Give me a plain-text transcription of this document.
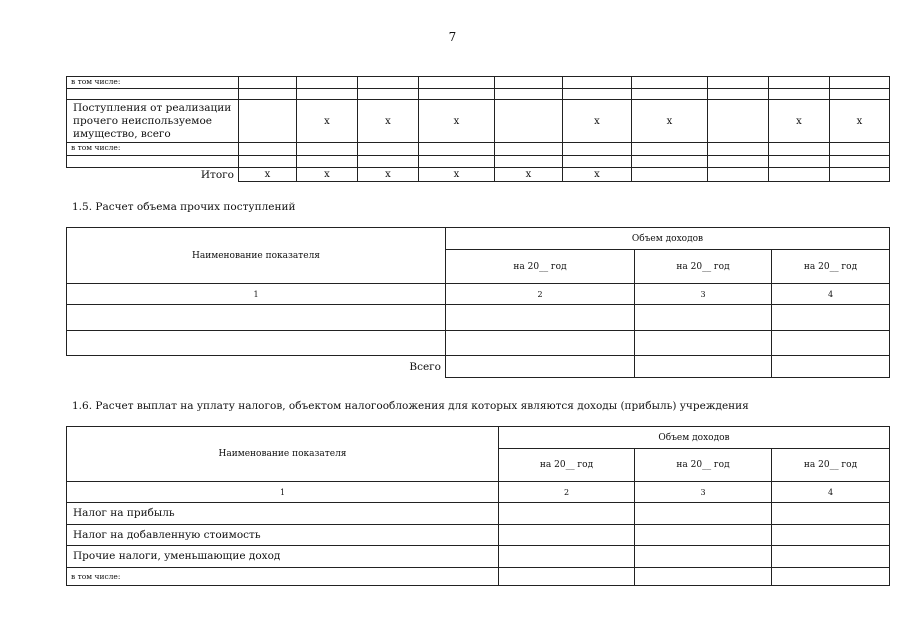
7
в том числе:										

Поступления от реализации прочего неиспользуемое имущество, всего		x	x	x		x	x		x	x
в том числе:										

Итого	x	x	x	x	x	x				
1.5. Расчет объема прочих поступлений
Наименование показателя	Объем доходов		
	на 20__ год	на 20__ год	на 20__ год
1	2	3	4

Всего			
1.6. Расчет выплат на уплату налогов, объектом налогообложения для которых являются доходы (прибыль) учреждения
Наименование показателя	Объем доходов		
	на 20__ год	на 20__ год	на 20__ год
1	2	3	4
Налог на прибыль			
Налог на добавленную стоимость			
Прочие налоги, уменьшающие доход			
в том числе:			
